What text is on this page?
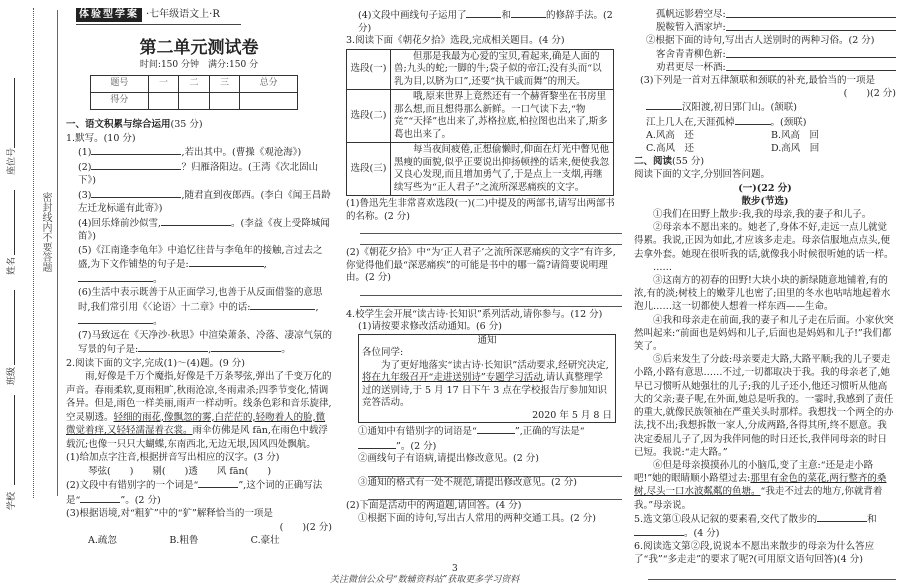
座位号
姓名
班级
学校
密封线内不要答题
体验型学案 ·七年级语文上·R
第二单元测试卷
时间:150 分钟　满分:150 分
题号	一	二	三	总分
得分				
一、语文积累与综合运用(35 分)
1.默写。(10 分)
(1)	,若出其中。(曹操《观沧海》)
(2)	？归雁洛阳边。(王湾《次北固山下》)
(3)	,随君直到夜郎西。(李白《闻王昌龄左迁龙标遥有此寄》)
(4)回乐烽前沙似雪,	。(李益《夜上受降城闻笛》)
(5)《江南逢李龟年》中追忆往昔与李龟年的接触,言过去之盛,为下文作铺垫的句子是:	,。
(6)生活中表示既善于从正面学习,也善于从反面借鉴的意思时,我们常引用《〈论语〉十二章》中的话:	,。
(7)马致远在《天净沙·秋思》中渲染萧条、冷落、凄凉气氛的写景的句子是:	,	。
2.阅读下面的文字,完成(1)～(4)题。(9 分)
雨,好像是千万个魔指,好像是千万条琴弦,弹出了千变万化的声音。春雨柔软,夏雨粗旷,秋雨沧凉,冬雨肃杀;四季节变化,情调各异。但是,雨色一样美丽,雨声一样动听。线条色彩和音乐旋律,空灵剔透。轻细的雨花,像飘忽的雾,白茫茫的,轻吻着人的脸,微微觉着痒,又轻轻濡湿着衣裳。雨伞仿佛是风 fān,在雨色中载浮载沉;也像一只只大蝴蝶,东南西北,无边无垠,因风四处飘航。
(1)给加点字注音,根据拼音写出相应的汉字。(3 分)
琴弦(　　)　　剔(　　)透　　风 fān(　　)
(2)文段中有错别字的一个词是“	”,这个词的正确写法是“	”。(2 分)
(3)根据语境,对“粗犷”中的“犷”解释恰当的一项是
(　　)(2 分)
A.疏忽	B.粗鲁	C.豪壮
(4)文段中画线句子运用了	和	的修辞手法。(2 分)
3.阅读下面《朝花夕拾》选段,完成相关题目。(4 分)
选段(一)	但那是我最为心爱的宝贝,看起来,确是人面的兽;九头的蛇;一脚的牛;袋子似的帝江;没有头而“以乳为目,以脐为口”,还要“执干戚而舞”的刑天。
选段(二)	哦,原来世界上竟然还有一个赫胥黎坐在书房里那么想,而且想得那么新鲜。一口气读下去,“物竞”“天择”也出来了,苏格拉底,柏拉图也出来了,斯多葛也出来了。
选段(三)	每当夜间疲倦,正想偷懒时,仰面在灯光中瞥见他黑瘦的面貌,似乎正要说出抑扬顿挫的话来,便使我忽又良心发现,而且增加勇气了,于是点上一支烟,再继续写些为“正人君子”之流所深恶痛疾的文字。
(1)鲁迅先生非常喜欢选段(一)(二)中提及的两部书,请写出两部书的名称。(2 分)
(2)《朝花夕拾》中“为‘正人君子’之流所深恶痛疾的文字”有许多,你觉得他们最“深恶痛疾”的可能是书中的哪一篇?请简要说明理由。(2 分)
4.校学生会开展“读古诗·长知识”系列活动,请你参与。(12 分)
(1)请按要求修改活动通知。(6 分)
通知
各位同学:
为了更好地落实“读古诗·长知识”活动要求,经研究决定,将在九年级召开“走进送别诗”专题学习活动,请认真整理学过的送别诗,于 5 月 17 日下午 3 点在学校报告厅参加知识竞答活动。
2020 年 5 月 8 日
①通知中有错别字的词语是“	”,正确的写法是“”。(2 分)
②画线句子有语病,请提出修改意见。(2 分)
③通知的格式有一处不规范,请提出修改意见。(2 分)
(2)下面是活动中的两道题,请回答。(4 分)
①根据下面的诗句,写出古人常用的两种交通工具。(2 分)
孤帆远影碧空尽:
脱鞍暂入酒家垆:
②根据下面的诗句,写出古人送别时的两种习俗。(2 分)
客舍青青柳色新:
劝君更尽一杯酒:
(3)下列是一首对五律颔联和颈联的补充,最恰当的一项是
(　　)(2 分)
汉阳渡,初日郢门山。(颔联)
江上几人在,天涯孤棹	。(颈联)
A.风高　还	B.风高　回
C.高风　还	D.高风　回
二、阅读(55 分)
阅读下面的文字,分别回答问题。
(一)(22 分)
散步(节选)
①我们在田野上散步:我,我的母亲,我的妻子和儿子。
②母亲本不愿出来的。她老了,身体不好,走远一点儿就觉得累。我说,正因为如此,才应该多走走。母亲信服地点点头,便去拿外套。她现在很听我的话,就像我小时候很听她的话一样。
……
③这南方的初春的田野!大块小块的新绿随意地铺着,有的浓,有的淡;树枝上的嫩芽儿也密了;田里的冬水也咕咕地起着水泡儿……这一切都使人想着一样东西——生命。
④我和母亲走在前面,我的妻子和儿子走在后面。小家伙突然叫起来:“前面也是妈妈和儿子,后面也是妈妈和儿子!”我们都笑了。
⑤后来发生了分歧:母亲要走大路,大路平顺;我的儿子要走小路,小路有意思……不过,一切都取决于我。我的母亲老了,她早已习惯听从她强壮的儿子;我的儿子还小,他还习惯听从他高大的父亲;妻子呢,在外面,她总是听我的。一霎时,我感到了责任的重大,就像民族领袖在严重关头时那样。我想找一个两全的办法,找不出;我想拆散一家人,分成两路,各得其所,终不愿意。我决定委屈儿子了,因为我伴同他的时日还长,我伴同母亲的时日已短。我说:“走大路。”
⑥但是母亲摸摸孙儿的小脑瓜,变了主意:“还是走小路吧!”她的眼睛顺小路望过去:那里有金色的菜花,两行整齐的桑树,尽头一口水波粼粼的鱼塘。“我走不过去的地方,你就背着我。”母亲说。
5.选文第①段从记叙的要素看,交代了散步的	和。(4 分)
6.阅读选文第②段,说说本不愿出来散步的母亲为什么答应了“我”“多走走”的要求了呢?(可用原文语句回答)(4 分)
3
关注微信公众号“数辅资料站”获取更多学习资料
